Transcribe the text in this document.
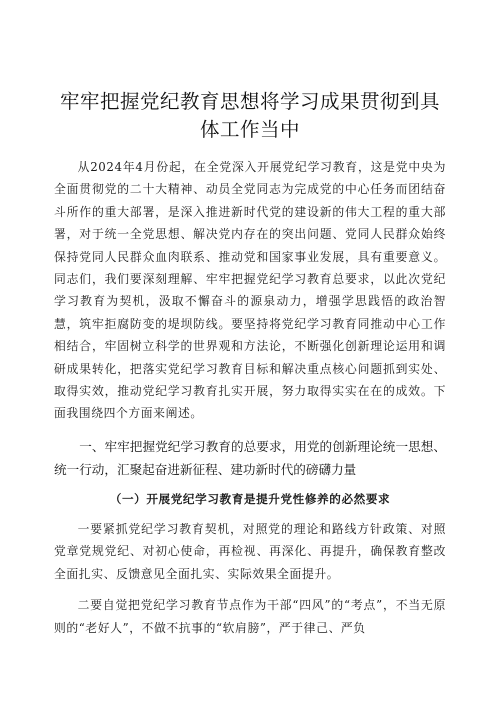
牢牢把握党纪教育思想将学习成果贯彻到具体工作当中

从2024年4月份起，在全党深入开展党纪学习教育，这是党中央为全面贯彻党的二十大精神、动员全党同志为完成党的中心任务而团结奋斗所作的重大部署，是深入推进新时代党的建设新的伟大工程的重大部署，对于统一全党思想、解决党内存在的突出问题、党同人民群众始终保持党同人民群众血肉联系、推动党和国家事业发展，具有重要意义。同志们，我们要深刻理解、牢牢把握党纪学习教育总要求，以此次党纪学习教育为契机，汲取不懈奋斗的源泉动力，增强学思践悟的政治智慧，筑牢拒腐防变的堤坝防线。要坚持将党纪学习教育同推动中心工作相结合，牢固树立科学的世界观和方法论，不断强化创新理论运用和调研成果转化，把落实党纪学习教育目标和解决重点核心问题抓到实处、取得实效，推动党纪学习教育扎实开展，努力取得实实在在的成效。下面我围绕四个方面来阐述。

一、牢牢把握党纪学习教育的总要求，用党的创新理论统一思想、统一行动，汇聚起奋进新征程、建功新时代的磅礴力量

（一）开展党纪学习教育是提升党性修养的必然要求

一要紧抓党纪学习教育契机，对照党的理论和路线方针政策、对照党章党规党纪、对初心使命，再检视、再深化、再提升，确保教育整改全面扎实、反馈意见全面扎实、实际效果全面提升。

二要自觉把党纪学习教育节点作为干部“四风”的“考点”，不当无原则的“老好人”，不做不抗事的“软肩膀”，严于律己、严负
